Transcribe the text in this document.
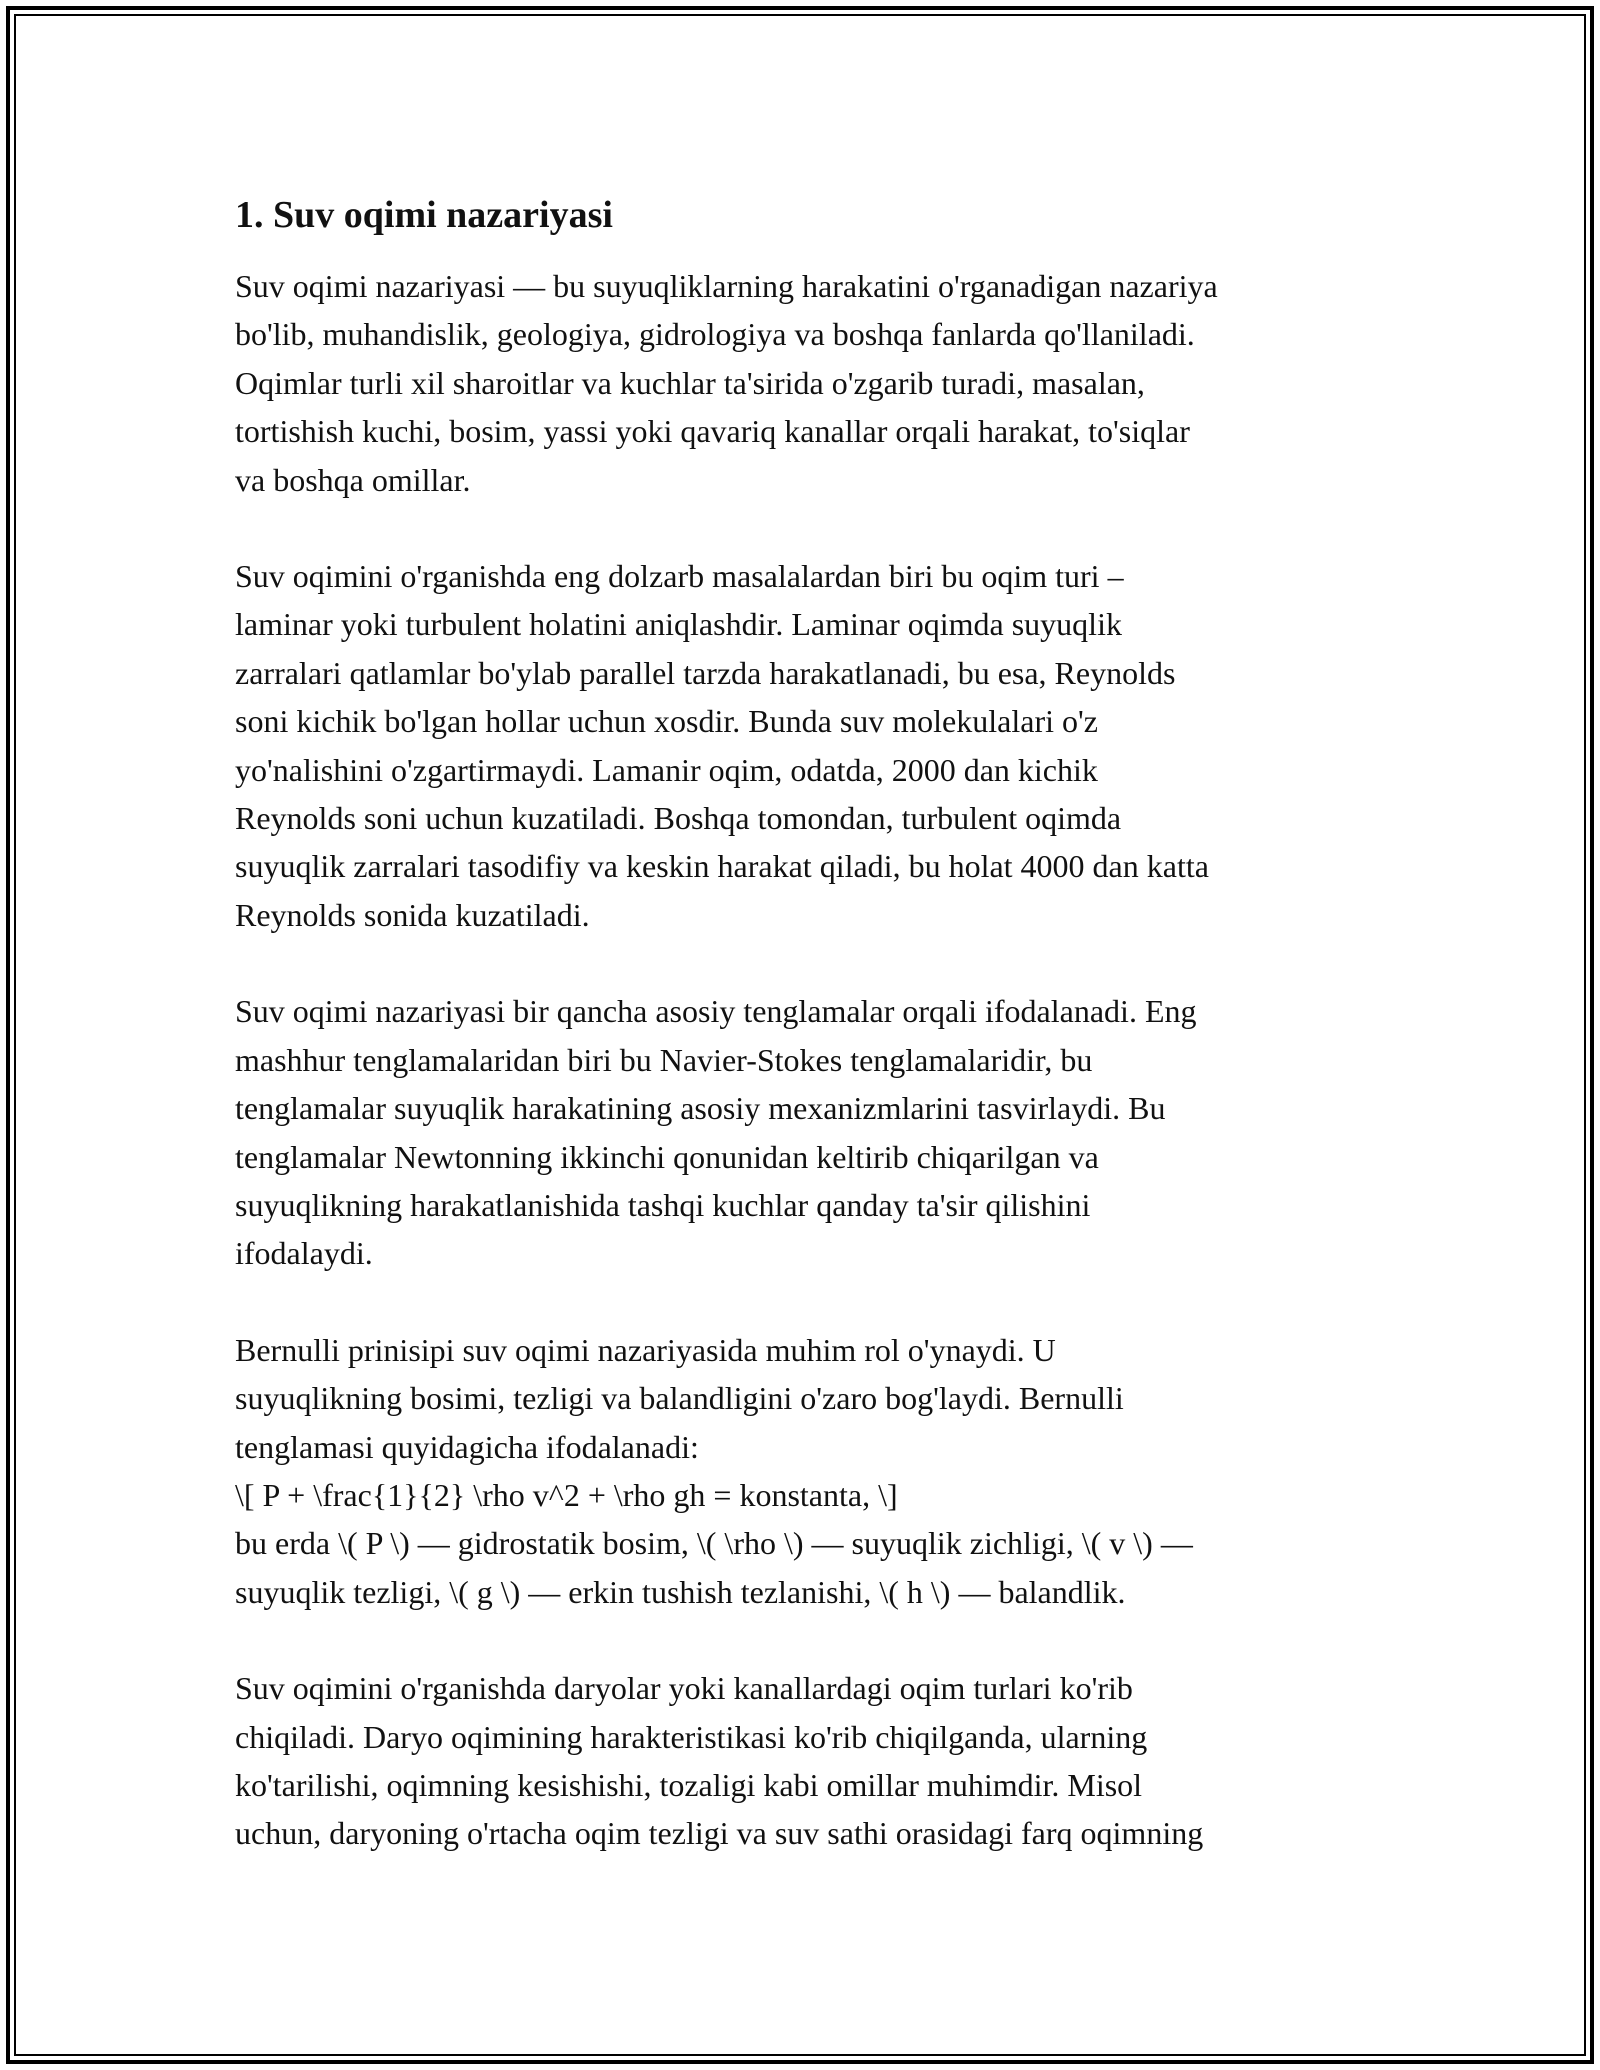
1. Suv oqimi nazariyasi
Suv oqimi nazariyasi — bu suyuqliklarning harakatini o'rganadigan nazariya
bo'lib, muhandislik, geologiya, gidrologiya va boshqa fanlarda qo'llaniladi.
Oqimlar turli xil sharoitlar va kuchlar ta'sirida o'zgarib turadi, masalan,
tortishish kuchi, bosim, yassi yoki qavariq kanallar orqali harakat, to'siqlar
va boshqa omillar.
Suv oqimini o'rganishda eng dolzarb masalalardan biri bu oqim turi –
laminar yoki turbulent holatini aniqlashdir. Laminar oqimda suyuqlik
zarralari qatlamlar bo'ylab parallel tarzda harakatlanadi, bu esa, Reynolds
soni kichik bo'lgan hollar uchun xosdir. Bunda suv molekulalari o'z
yo'nalishini o'zgartirmaydi. Lamanir oqim, odatda, 2000 dan kichik
Reynolds soni uchun kuzatiladi. Boshqa tomondan, turbulent oqimda
suyuqlik zarralari tasodifiy va keskin harakat qiladi, bu holat 4000 dan katta
Reynolds sonida kuzatiladi.
Suv oqimi nazariyasi bir qancha asosiy tenglamalar orqali ifodalanadi. Eng
mashhur tenglamalaridan biri bu Navier-Stokes tenglamalaridir, bu
tenglamalar suyuqlik harakatining asosiy mexanizmlarini tasvirlaydi. Bu
tenglamalar Newtonning ikkinchi qonunidan keltirib chiqarilgan va
suyuqlikning harakatlanishida tashqi kuchlar qanday ta'sir qilishini
ifodalaydi.
Bernulli prinisipi suv oqimi nazariyasida muhim rol o'ynaydi. U
suyuqlikning bosimi, tezligi va balandligini o'zaro bog'laydi. Bernulli
tenglamasi quyidagicha ifodalanadi:
\[ P + \frac{1}{2} \rho v^2 + \rho gh = konstanta, \]
bu erda \( P \) — gidrostatik bosim, \( \rho \) — suyuqlik zichligi, \( v \) —
suyuqlik tezligi, \( g \) — erkin tushish tezlanishi, \( h \) — balandlik.
Suv oqimini o'rganishda daryolar yoki kanallardagi oqim turlari ko'rib
chiqiladi. Daryo oqimining harakteristikasi ko'rib chiqilganda, ularning
ko'tarilishi, oqimning kesishishi, tozaligi kabi omillar muhimdir. Misol
uchun, daryoning o'rtacha oqim tezligi va suv sathi orasidagi farq oqimning
